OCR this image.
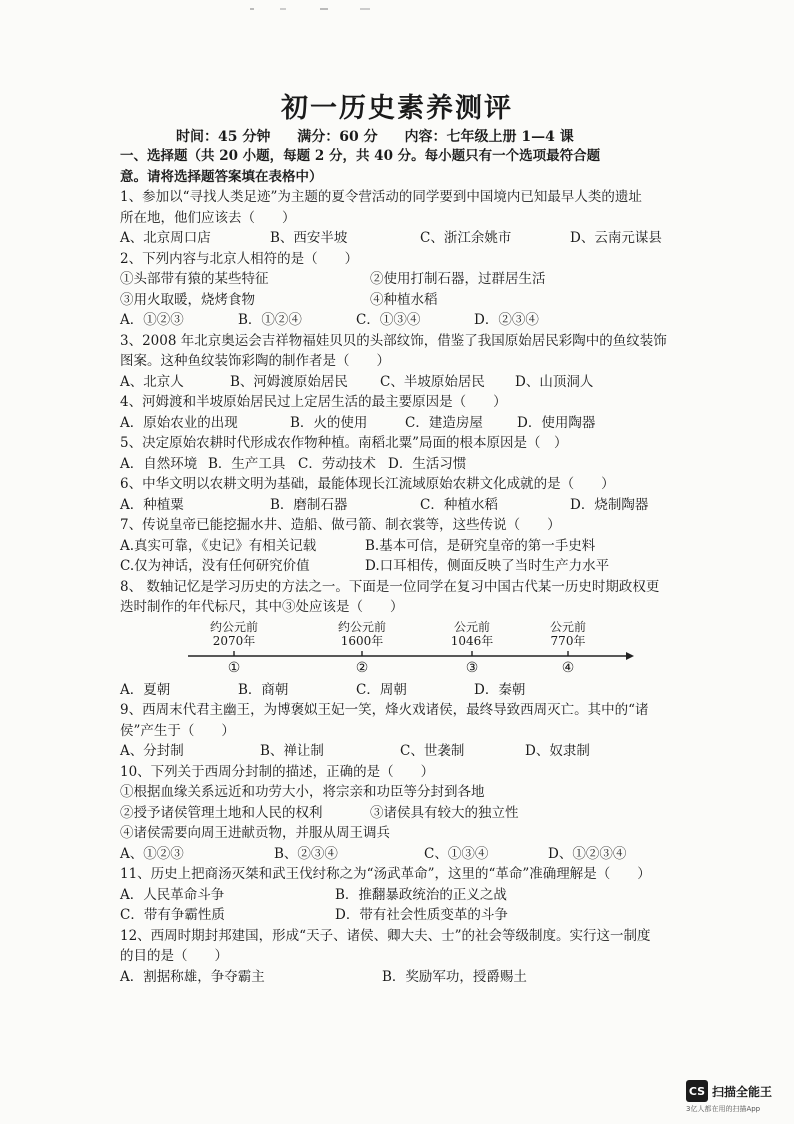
初一历史素养测评
时间：45 分钟 满分：60 分 内容：七年级上册 1—4 课
一、选择题（共 20 小题，每题 2 分，共 40 分。每小题只有一个选项最符合题
意。请将选择题答案填在表格中）
1、参加以“寻找人类足迹”为主题的夏令营活动的同学要到中国境内已知最早人类的遗址
所在地，他们应该去（　　）
A、北京周口店	B、西安半坡	C、浙江余姚市	D、云南元谋县
2、下列内容与北京人相符的是（　　）
①头部带有猿的某些特征	②使用打制石器，过群居生活
③用火取暖，烧烤食物	④种植水稻
A．①②③	B．①②④	C．①③④	D．②③④
3、2008 年北京奥运会吉祥物福娃贝贝的头部纹饰，借鉴了我国原始居民彩陶中的鱼纹装饰
图案。这种鱼纹装饰彩陶的制作者是（　　）
A、北京人	B、河姆渡原始居民	C、半坡原始居民	D、山顶洞人
4、河姆渡和半坡原始居民过上定居生活的最主要原因是（　　）
A．原始农业的出现	B．火的使用	C．建造房屋	D．使用陶器
5、决定原始农耕时代形成农作物种植。南稻北粟”局面的根本原因是（　）
A．自然环境 B．生产工具 C．劳动技术 D．生活习惯
6、中华文明以农耕文明为基础，最能体现长江流域原始农耕文化成就的是（　　）
A．种植粟	B．磨制石器	C．种植水稻	D．烧制陶器
7、传说皇帝已能挖掘水井、造船、做弓箭、制衣裳等，这些传说（　　）
A.真实可靠，《史记》有相关记载	B.基本可信，是研究皇帝的第一手史料
C.仅为神话，没有任何研究价值	D.口耳相传，侧面反映了当时生产力水平
8、 数轴记忆是学习历史的方法之一。下面是一位同学在复习中国古代某一历史时期政权更
迭时制作的年代标尺，其中③处应该是（　　）
约公元前
2070年
约公元前
1600年
公元前
1046年
公元前
770年
①	②	③	④
A．夏朝	B．商朝	C．周朝	D．秦朝
9、西周末代君主幽王，为博褒姒王妃一笑，烽火戏诸侯，最终导致西周灭亡。其中的“诸
侯”产生于（　　）
A、分封制	B、禅让制	C、世袭制	D、奴隶制
10、下列关于西周分封制的描述，正确的是（　　）
①根据血缘关系远近和功劳大小，将宗亲和功臣等分封到各地
②授予诸侯管理土地和人民的权利	③诸侯具有较大的独立性
④诸侯需要向周王进献贡物，并服从周王调兵
A、①②③	B、②③④	C、①③④	D、①②③④
11、历史上把商汤灭桀和武王伐纣称之为“汤武革命”，这里的“革命”准确理解是（　　）
A．人民革命斗争	B．推翻暴政统治的正义之战
C．带有争霸性质	D．带有社会性质变革的斗争
12、西周时期封邦建国，形成“天子、诸侯、卿大夫、士”的社会等级制度。实行这一制度
的目的是（　　）
A．割据称雄，争夺霸主	B．奖励军功，授爵赐土
CS 扫描全能王
3亿人都在用的扫描App
